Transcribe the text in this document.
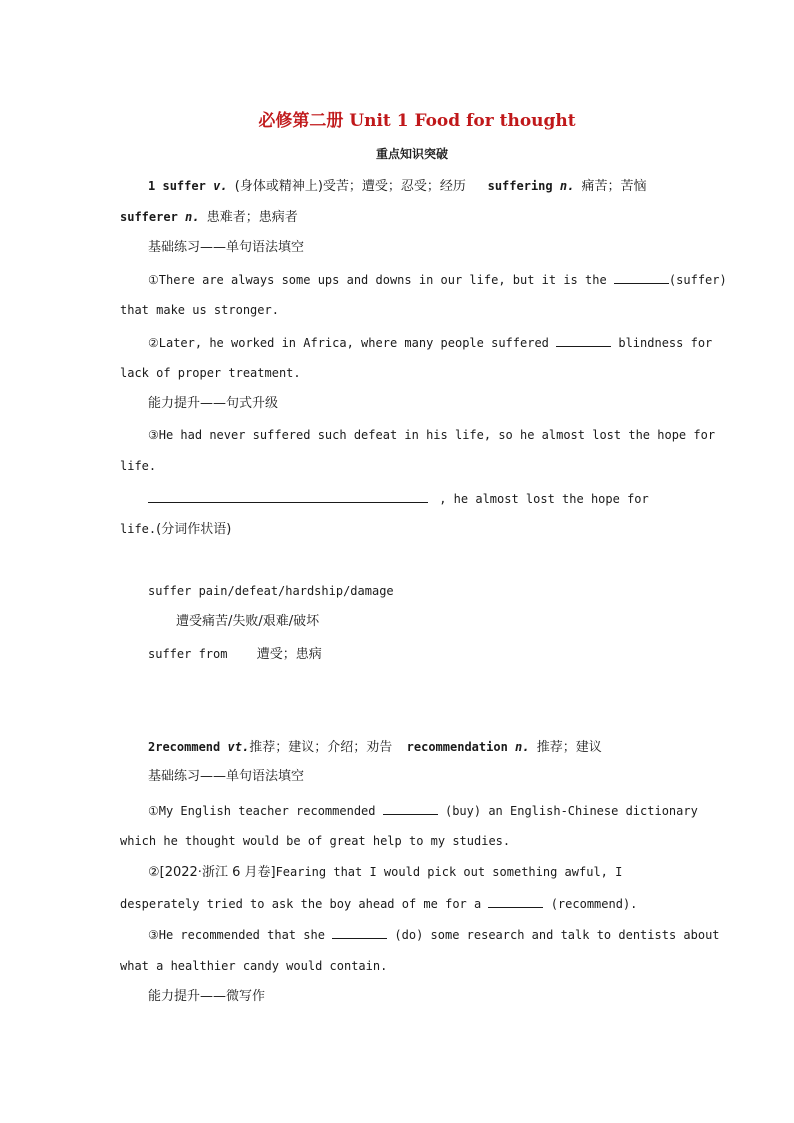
必修第二册 Unit 1 Food for thought
重点知识突破
1 suffer v. (身体或精神上)受苦；遭受；忍受；经历 suffering n. 痛苦；苦恼
sufferer n. 患难者；患病者
基础练习——单句语法填空
①There are always some ups and downs in our life, but it is the	(suffer)
that make us stronger.
②Later, he worked in Africa, where many people suffered	blindness for
lack of proper treatment.
能力提升——句式升级
③He had never suffered such defeat in his life, so he almost lost the hope for
life.
, he almost lost the hope for
life.(分词作状语)
suffer pain/defeat/hardship/damage
遭受痛苦/失败/艰难/破坏
suffer from 遭受；患病
2recommend vt.推荐；建议；介绍；劝告 recommendation n. 推荐；建议
基础练习——单句语法填空
①My English teacher recommended	(buy) an English-Chinese dictionary
which he thought would be of great help to my studies.
②[2022·浙江 6 月卷]Fearing that I would pick out something awful, I
desperately tried to ask the boy ahead of me for a	(recommend).
③He recommended that she	(do) some research and talk to dentists about
what a healthier candy would contain.
能力提升——微写作
